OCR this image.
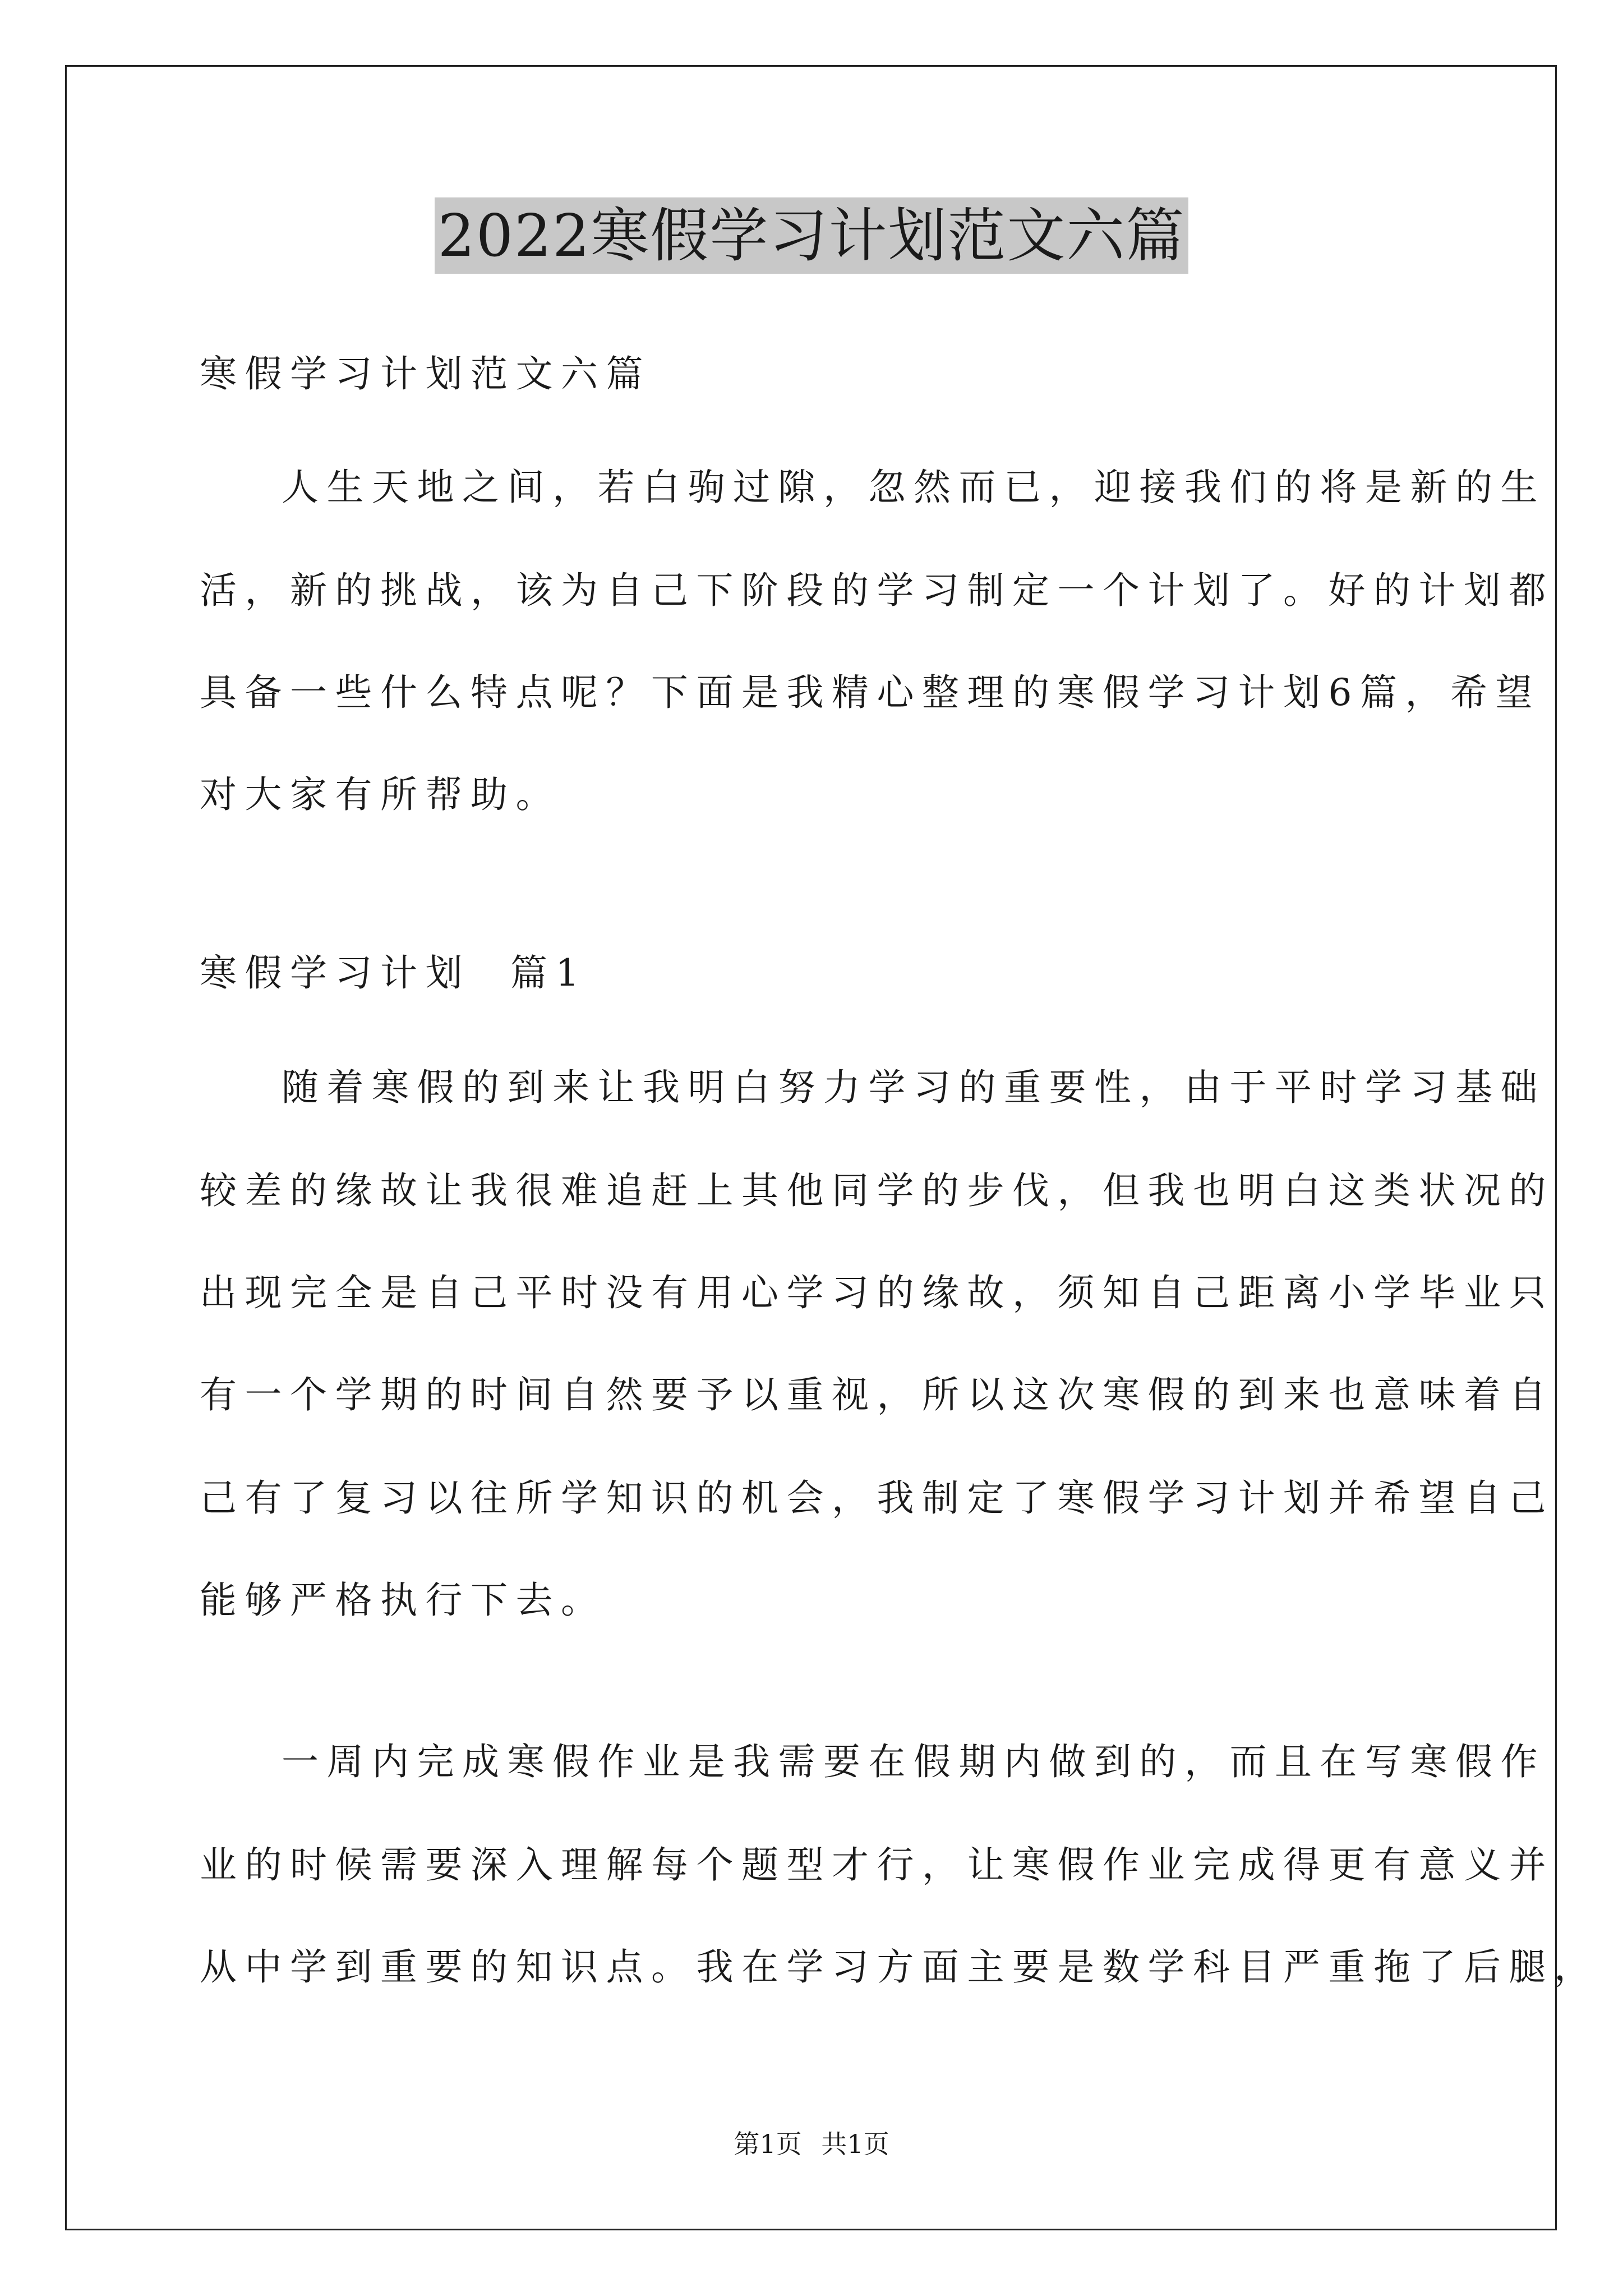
2022寒假学习计划范文六篇
寒假学习计划范文六篇
人生天地之间，若白驹过隙，忽然而已，迎接我们的将是新的生
活，新的挑战，该为自己下阶段的学习制定一个计划了。好的计划都
具备一些什么特点呢？下面是我精心整理的寒假学习计划6篇，希望
对大家有所帮助。
寒假学习计划  篇1
随着寒假的到来让我明白努力学习的重要性，由于平时学习基础
较差的缘故让我很难追赶上其他同学的步伐，但我也明白这类状况的
出现完全是自己平时没有用心学习的缘故，须知自己距离小学毕业只
有一个学期的时间自然要予以重视，所以这次寒假的到来也意味着自
己有了复习以往所学知识的机会，我制定了寒假学习计划并希望自己
能够严格执行下去。
一周内完成寒假作业是我需要在假期内做到的，而且在写寒假作
业的时候需要深入理解每个题型才行，让寒假作业完成得更有意义并
从中学到重要的知识点。我在学习方面主要是数学科目严重拖了后腿，
第1页 共1页
